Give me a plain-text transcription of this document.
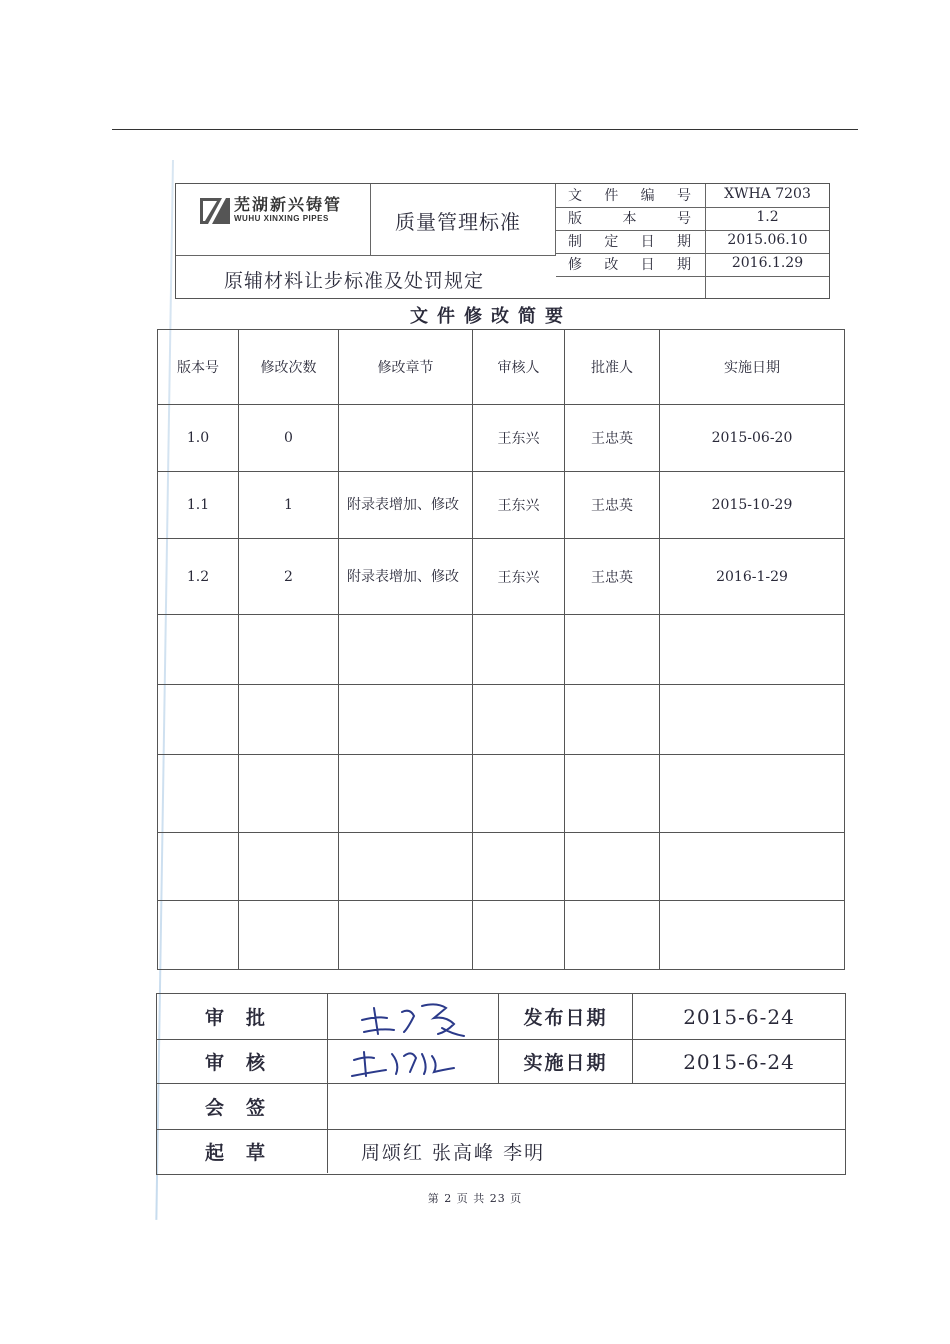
芜湖新兴铸管
WUHU XINXING PIPES	质量管理标准
原辅材料让步标准及处罚规定
文 件 编 号	XWHA 7203
版	本	号	1.2
制 定 日 期	2015.06.10
修 改 日 期	2016.1.29
文件修改简要
版本号	修改次数	修改章节	审核人	批准人	实施日期
1.0	0		王东兴	王忠英	2015-06-20
1.1	1	附录表增加、修改	王东兴	王忠英	2015-10-29
1.2	2	附录表增加、修改	王东兴	王忠英	2016-1-29

审批	发布日期	2015-6-24
审核	实施日期	2015-6-24
会签
起草	周颂红 张高峰 李明
第 2 页 共 23 页
